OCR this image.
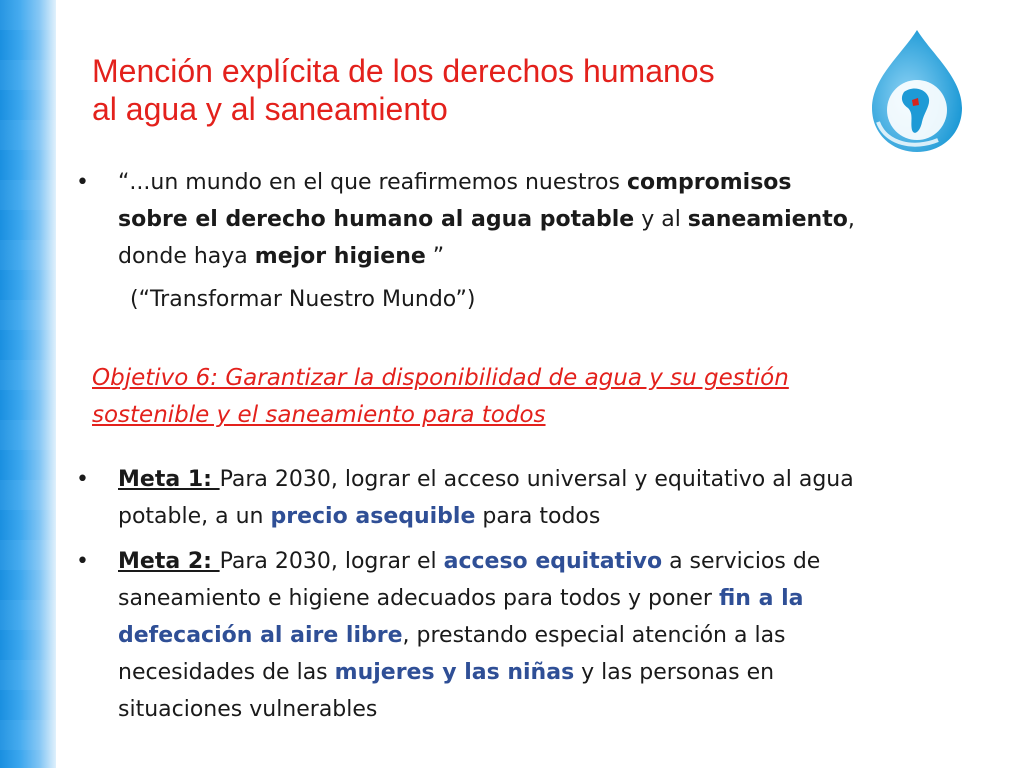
Mención explícita de los derechos humanos
al agua y al saneamiento
• “...un mundo en el que reafirmemos nuestros compromisos
sobre el derecho humano al agua potable y al saneamiento,
donde haya mejor higiene ”
(“Transformar Nuestro Mundo”)
Objetivo 6: Garantizar la disponibilidad de agua y su gestión
sostenible y el saneamiento para todos
• Meta 1: Para 2030, lograr el acceso universal y equitativo al agua
potable, a un precio asequible para todos
• Meta 2: Para 2030, lograr el acceso equitativo a servicios de
saneamiento e higiene adecuados para todos y poner fin a la
defecación al aire libre, prestando especial atención a las
necesidades de las mujeres y las niñas y las personas en
situaciones vulnerables
